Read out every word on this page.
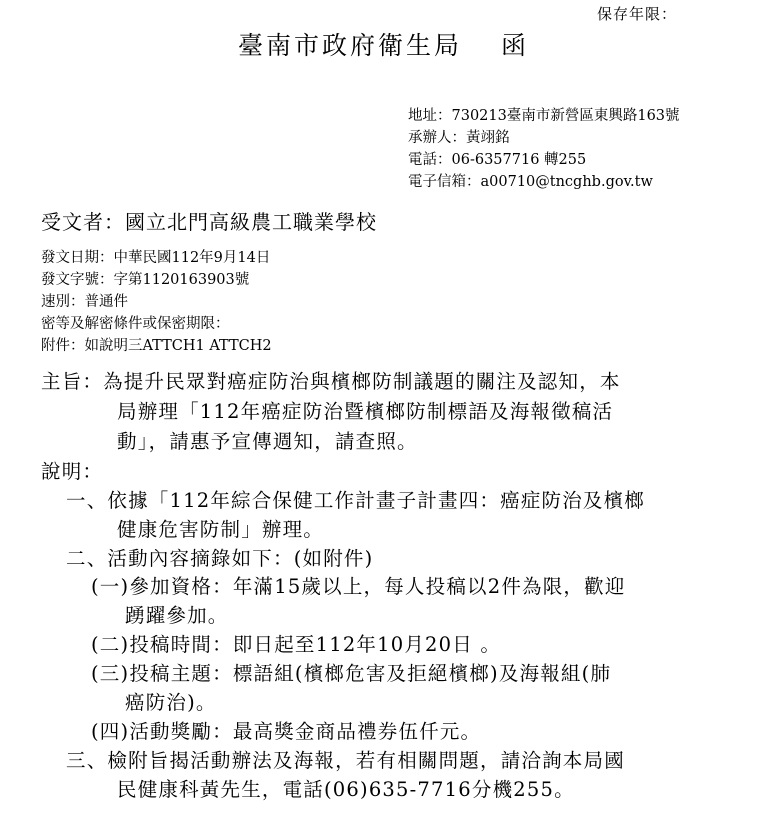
保存年限：
臺南市政府衛生局　 函
地址：730213臺南市新營區東興路163號
承辦人：黃翊銘
電話：06-6357716 轉255
電子信箱：a00710@tncghb.gov.tw
受文者：國立北門高級農工職業學校
發文日期：中華民國112年9月14日
發文字號：字第1120163903號
速別：普通件
密等及解密條件或保密期限：
附件：如說明三ATTCH1 ATTCH2
主旨：為提升民眾對癌症防治與檳榔防制議題的關注及認知，本
局辦理「112年癌症防治暨檳榔防制標語及海報徵稿活
動」，請惠予宣傳週知，請查照。
說明：
一、依據「112年綜合保健工作計畫子計畫四：癌症防治及檳榔
健康危害防制」辦理。
二、活動內容摘錄如下：(如附件)
(一)參加資格：年滿15歲以上，每人投稿以2件為限，歡迎
踴躍參加。
(二)投稿時間：即日起至112年10月20日 。
(三)投稿主題：標語組(檳榔危害及拒絕檳榔)及海報組(肺
癌防治)。
(四)活動獎勵：最高獎金商品禮券伍仟元。
三、檢附旨揭活動辦法及海報，若有相關問題，請洽詢本局國
民健康科黃先生，電話(06)635-7716分機255。
